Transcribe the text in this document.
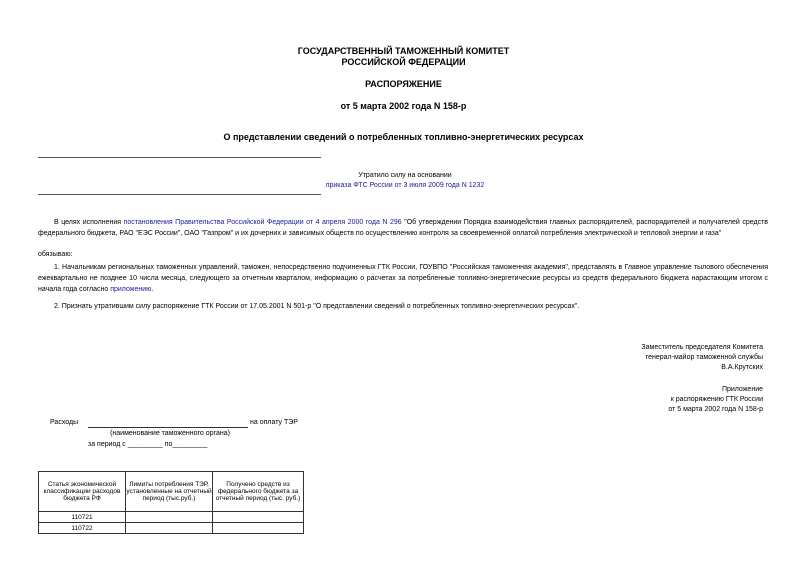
ГОСУДАРСТВЕННЫЙ ТАМОЖЕННЫЙ КОМИТЕТ
РОССИЙСКОЙ ФЕДЕРАЦИИ
РАСПОРЯЖЕНИЕ
от 5 марта 2002 года N 158-р
О представлении сведений о потребленных топливно-энергетических ресурсах
Утратило силу на основании
приказа ФТС России от 3 июля 2009 года N 1232
В целях исполнения постановления Правительства Российской Федерации от 4 апреля 2000 года N 296 "Об утверждении Порядка взаимодействия главных распорядителей, распорядителей и получателей средств федерального бюджета, РАО "ЕЭС России", ОАО "Газпром" и их дочерних и зависимых обществ по осуществлению контроля за своевременной оплатой потребления электрической и тепловой энергии и газа"
обязываю:
1. Начальникам региональных таможенных управлений, таможен, непосредственно подчиненных ГТК России, ГОУВПО "Российская таможенная академия", представлять в Главное управление тылового обеспечения ежеквартально не позднее 10 числа месяца, следующего за отчетным кварталом, информацию о расчетах за потребленные топливно-энергетические ресурсы из средств федерального бюджета нарастающим итогом с начала года согласно приложению.
2. Признать утратившим силу распоряжение ГТК России от 17.05.2001 N 501-р "О представлении сведений о потребленных топливно-энергетических ресурсах".
Заместитель председателя Комитета
генерал-майор таможенной службы
В.А.Крутских
Приложение
к распоряжению ГТК России
от 5 марта 2002 года N 158-р
Расходы	на оплату ТЭР
(наименование таможенного органа)
за период с _________ по_________
Статья экономической классификации расходов бюджета РФ	Лимиты потребления ТЭР, установленные на отчетный период (тыс.руб.)	Получено средств из федерального бюджета за отчетный период (тыс. руб.)
110721		
110722		
